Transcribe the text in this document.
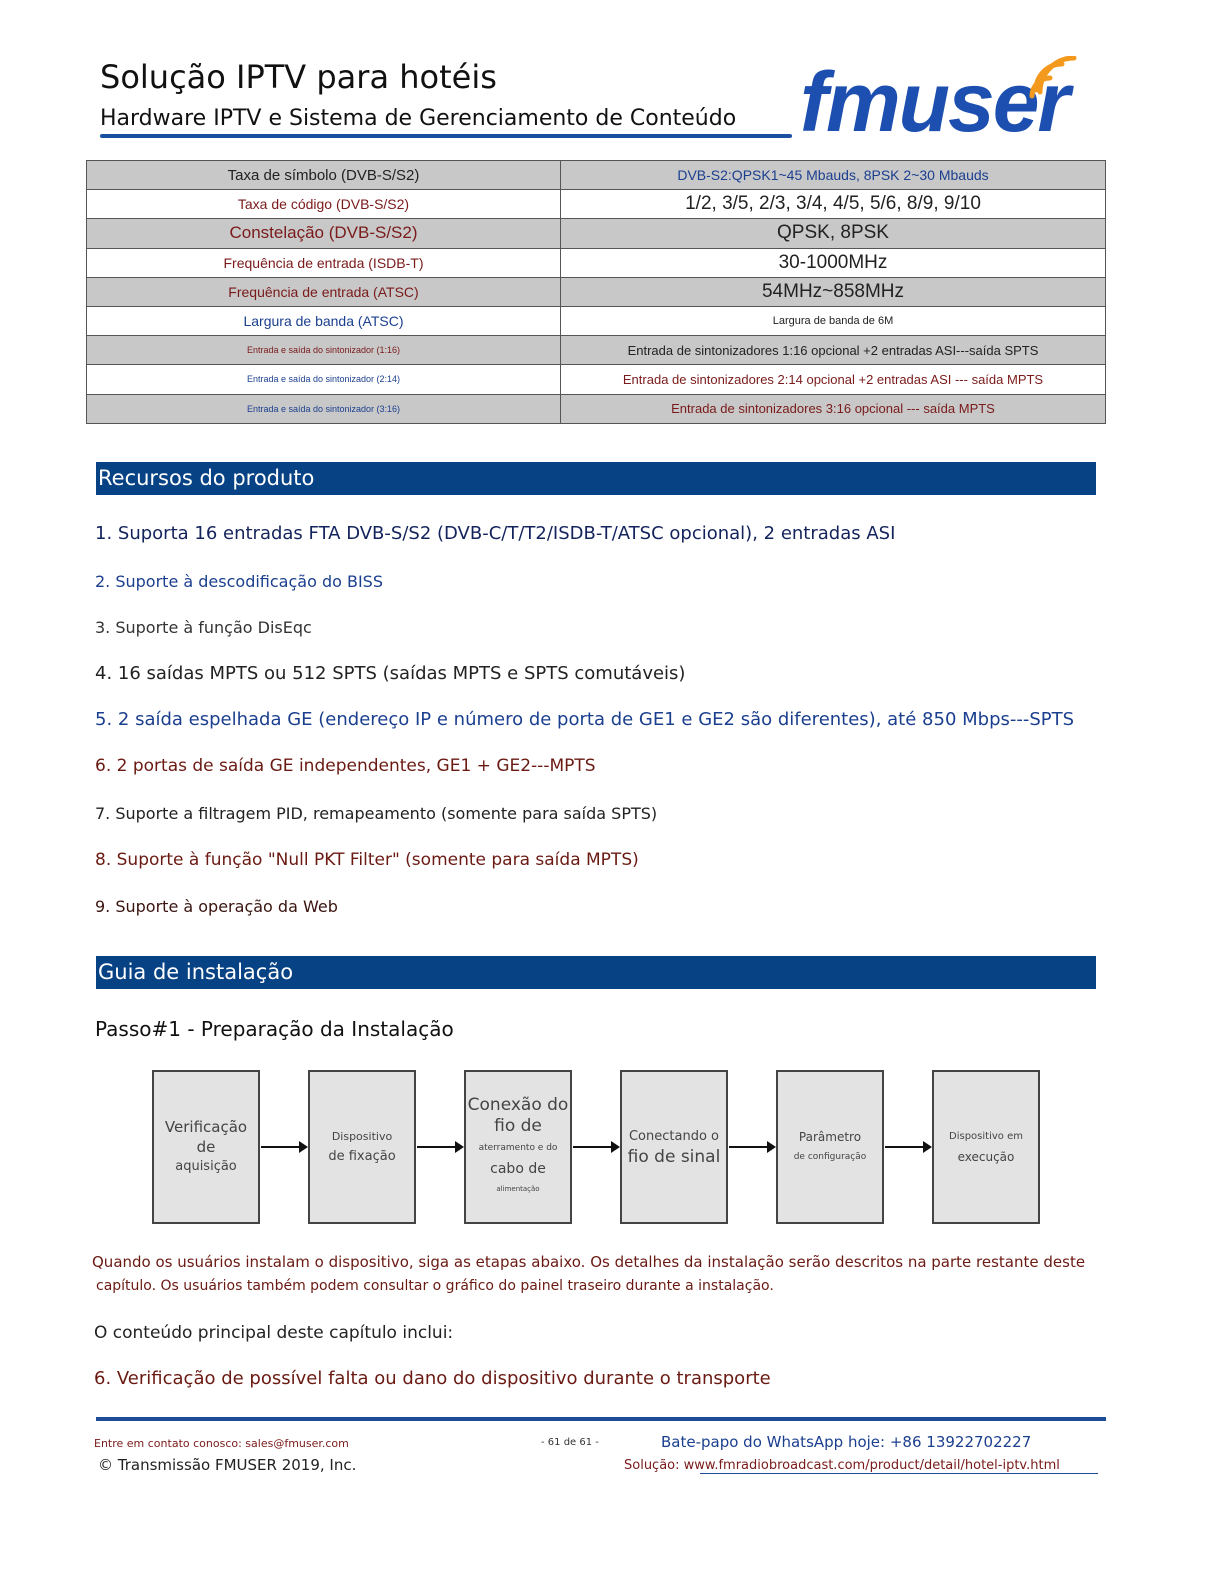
Solução IPTV para hotéis
Hardware IPTV e Sistema de Gerenciamento de Conteúdo fmuser
Taxa de símbolo (DVB-S/S2)	DVB-S2:QPSK1~45 Mbauds, 8PSK 2~30 Mbauds
Taxa de código (DVB-S/S2)	1/2, 3/5, 2/3, 3/4, 4/5, 5/6, 8/9, 9/10
Constelação (DVB-S/S2)	QPSK, 8PSK
Frequência de entrada (ISDB-T)	30-1000MHz
Frequência de entrada (ATSC)	54MHz~858MHz
Largura de banda (ATSC)	Largura de banda de 6M
Entrada e saída do sintonizador (1:16)	Entrada de sintonizadores 1:16 opcional +2 entradas ASI---saída SPTS
Entrada e saída do sintonizador (2:14)	Entrada de sintonizadores 2:14 opcional +2 entradas ASI --- saída MPTS
Entrada e saída do sintonizador (3:16)	Entrada de sintonizadores 3:16 opcional --- saída MPTS
Recursos do produto
1. Suporta 16 entradas FTA DVB-S/S2 (DVB-C/T/T2/ISDB-T/ATSC opcional), 2 entradas ASI
2. Suporte à descodificação do BISS
3. Suporte à função DisEqc
4. 16 saídas MPTS ou 512 SPTS (saídas MPTS e SPTS comutáveis)
5. 2 saída espelhada GE (endereço IP e número de porta de GE1 e GE2 são diferentes), até 850 Mbps---SPTS
6. 2 portas de saída GE independentes, GE1 + GE2---MPTS
7. Suporte a filtragem PID, remapeamento (somente para saída SPTS)
8. Suporte à função "Null PKT Filter" (somente para saída MPTS)
9. Suporte à operação da Web
Guia de instalação
Passo#1 - Preparação da Instalação
Verificação de
aquisição
Dispositivo
de fixação
Conexão do
fio de
aterramento e do
cabo de
alimentação
Conectando o
fio de sinal
Parâmetro
de configuração
Dispositivo em
execução
Quando os usuários instalam o dispositivo, siga as etapas abaixo. Os detalhes da instalação serão descritos na parte restante deste
capítulo. Os usuários também podem consultar o gráfico do painel traseiro durante a instalação.
O conteúdo principal deste capítulo inclui:
6. Verificação de possível falta ou dano do dispositivo durante o transporte
Entre em contato conosco: sales@fmuser.com	- 61 de 61 -	Bate-papo do WhatsApp hoje: +86 13922702227
© Transmissão FMUSER 2019, Inc.	Solução: www.fmradiobroadcast.com/product/detail/hotel-iptv.html
